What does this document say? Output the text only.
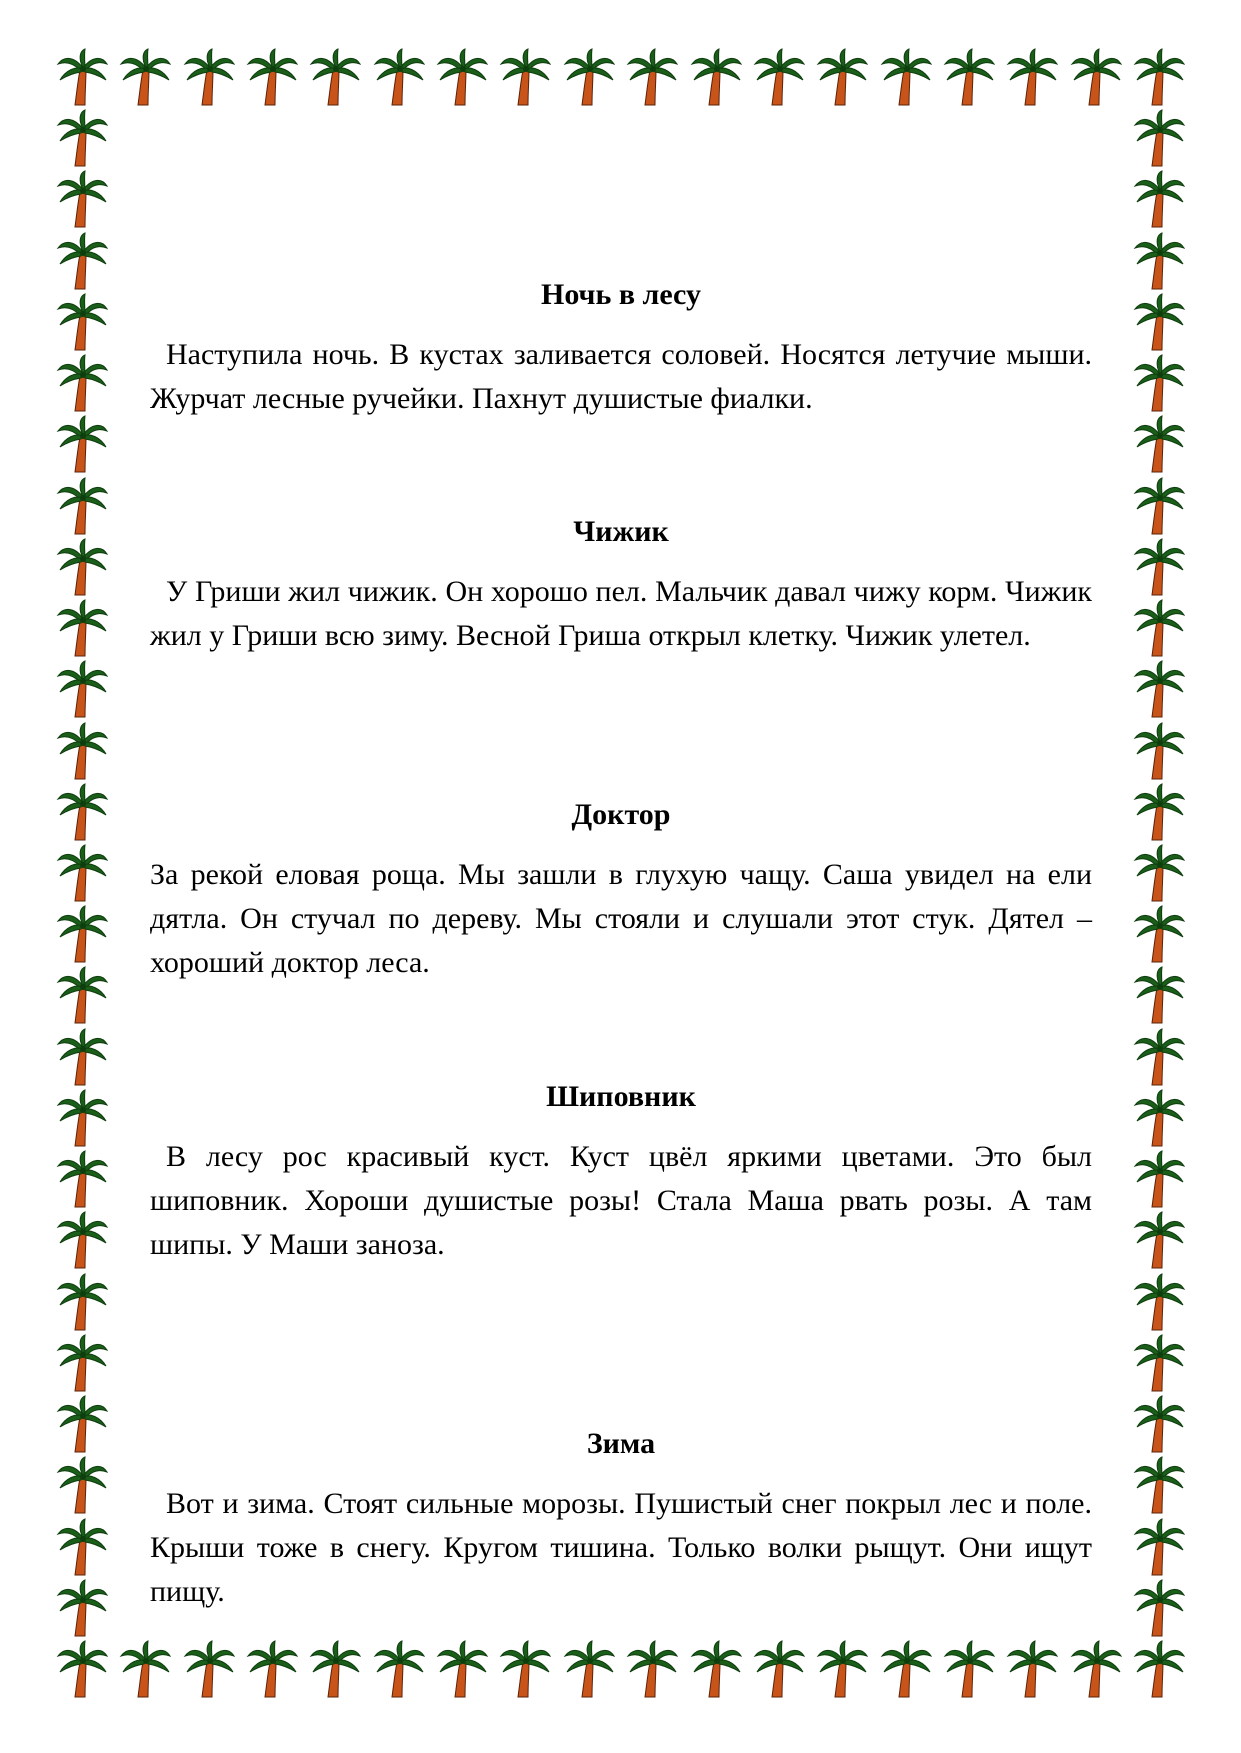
Ночь в лесу

Наступила ночь. В кустах заливается соловей. Носятся летучие мыши. Журчат лесные ручейки. Пахнут душистые фиалки.

Чижик

У Гриши жил чижик. Он хорошо пел. Мальчик давал чижу корм. Чижик жил у Гриши всю зиму. Весной Гриша открыл клетку. Чижик улетел.

Доктор

За рекой еловая роща. Мы зашли в глухую чащу. Саша увидел на ели дятла. Он стучал по дереву. Мы стояли и слушали этот стук. Дятел – хороший доктор леса.

Шиповник

В лесу рос красивый куст. Куст цвёл яркими цветами. Это был шиповник. Хороши душистые розы! Стала Маша рвать розы. А там шипы. У Маши заноза.

Зима

Вот и зима. Стоят сильные морозы. Пушистый снег покрыл лес и поле. Крыши тоже в снегу. Кругом тишина. Только волки рыщут. Они ищут пищу.
